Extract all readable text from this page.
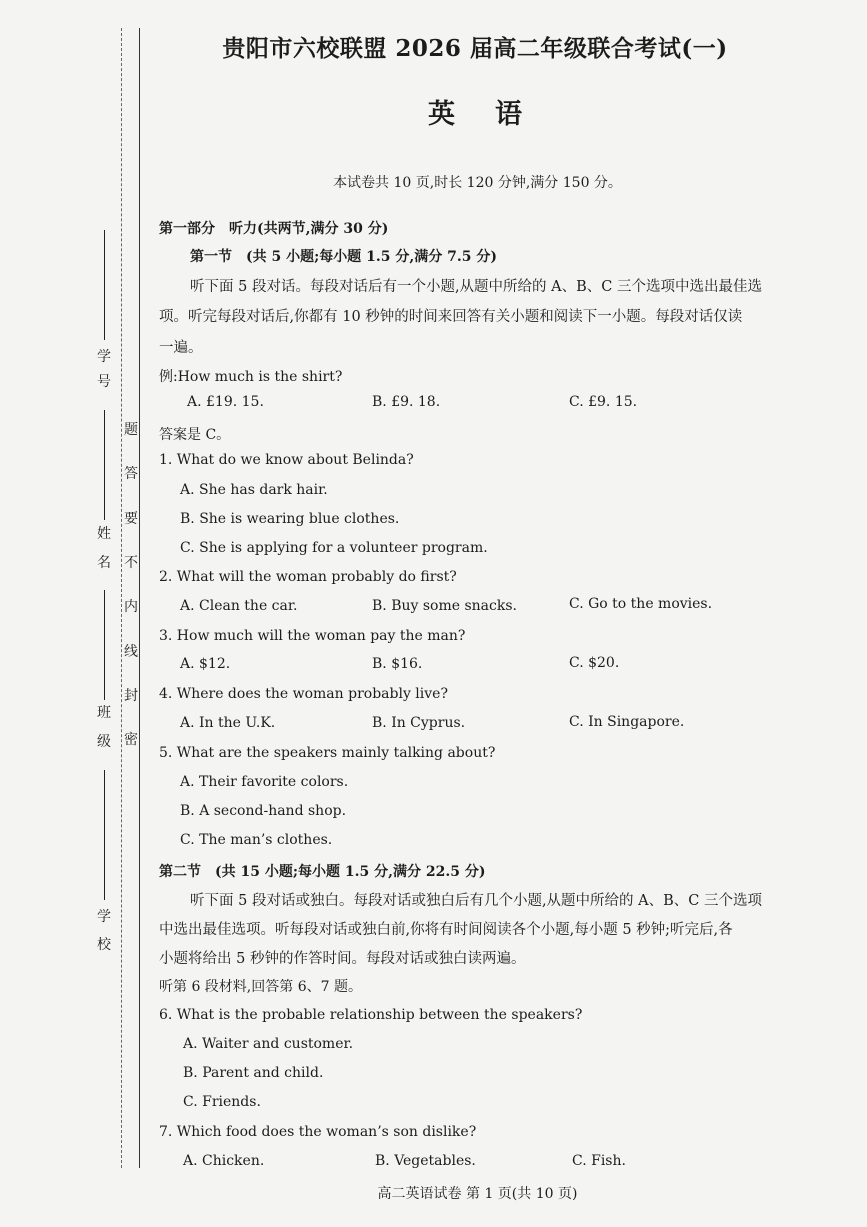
学
号
姓
名
班
级
学
校
题
答
要
不
内
线
封
密
贵阳市六校联盟 2026 届高二年级联合考试(一)
英语
本试卷共 10 页,时长 120 分钟,满分 150 分。
第一部分　听力(共两节,满分 30 分)
第一节　(共 5 小题;每小题 1.5 分,满分 7.5 分)
听下面 5 段对话。每段对话后有一个小题,从题中所给的 A、B、C 三个选项中选出最佳选
项。听完每段对话后,你都有 10 秒钟的时间来回答有关小题和阅读下一小题。每段对话仅读
一遍。
例:How much is the shirt?
A. £19. 15.	B. £9. 18.	C. £9. 15.
答案是 C。
1. What do we know about Belinda?
A. She has dark hair.
B. She is wearing blue clothes.
C. She is applying for a volunteer program.
2. What will the woman probably do first?
A. Clean the car.	B. Buy some snacks.	C. Go to the movies.
3. How much will the woman pay the man?
A. $12.	B. $16.	C. $20.
4. Where does the woman probably live?
A. In the U.K.	B. In Cyprus.	C. In Singapore.
5. What are the speakers mainly talking about?
A. Their favorite colors.
B. A second-hand shop.
C. The man’s clothes.
第二节　(共 15 小题;每小题 1.5 分,满分 22.5 分)
听下面 5 段对话或独白。每段对话或独白后有几个小题,从题中所给的 A、B、C 三个选项
中选出最佳选项。听每段对话或独白前,你将有时间阅读各个小题,每小题 5 秒钟;听完后,各
小题将给出 5 秒钟的作答时间。每段对话或独白读两遍。
听第 6 段材料,回答第 6、7 题。
6. What is the probable relationship between the speakers?
A. Waiter and customer.
B. Parent and child.
C. Friends.
7. Which food does the woman’s son dislike?
A. Chicken.	B. Vegetables.	C. Fish.
高二英语试卷 第 1 页(共 10 页)
